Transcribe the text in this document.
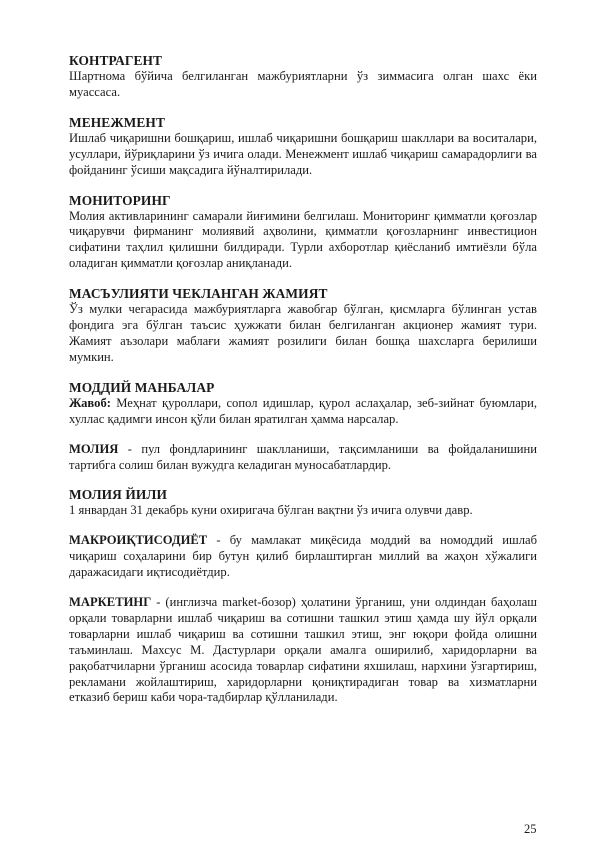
КОНТРАГЕНТ

Шартнома бўйича белгиланган мажбуриятларни ўз зиммасига олган шахс ёки муассаса.

МЕНЕЖМЕНТ

Ишлаб чиқаришни бошқариш, ишлаб чиқаришни бошқариш шакллари ва воситалари, усуллари, йўриқларини ўз ичига олади. Менежмент ишлаб чиқариш самарадорлиги ва фойданинг ўсиши мақсадига йўналтирилади.

МОНИТОРИНГ

Молия активларининг самарали йиғимини белгилаш. Мониторинг қимматли қоғозлар чиқарувчи фирманинг молиявий аҳволини, қимматли қоғозларнинг инвестицион сифатини таҳлил қилишни билдиради. Турли ахборотлар қиёсланиб имтиёзли бўла оладиган қимматли қоғозлар аниқланади.

МАСЪУЛИЯТИ ЧЕКЛАНГАН ЖАМИЯТ

Ўз мулки чегарасида мажбуриятларга жавобгар бўлган, қисмларга бўлинган устав фондига эга бўлган таъсис ҳужжати билан белгиланган акционер жамият тури. Жамият аъзолари маблағи жамият розилиги билан бошқа шахсларга берилиши мумкин.

МОДДИЙ МАНБАЛАР

Жавоб: Меҳнат қуроллари, сопол идишлар, қурол аслаҳалар, зеб-зийнат буюмлари, хуллас қадимги инсон қўли билан яратилган ҳамма нарсалар.

МОЛИЯ - пул фондларининг шаклланиши, тақсимланиши ва фойдаланишини тартибга солиш билан вужудга келадиган муносабатлардир.

МОЛИЯ ЙИЛИ

1 январдан 31 декабрь куни охиригача бўлган вақтни ўз ичига олувчи давр.

МАКРОИҚТИСОДИЁТ - бу мамлакат миқёсида моддий ва номоддий ишлаб чиқариш соҳаларини бир бутун қилиб бирлаштирган миллий ва жаҳон хўжалиги даражасидаги иқтисодиётдир.

МАРКЕТИНГ - (инглизча market-бозор) ҳолатини ўрганиш, уни олдиндан баҳолаш орқали товарларни ишлаб чиқариш ва сотишни ташкил этиш ҳамда шу йўл орқали товарларни ишлаб чиқариш ва сотишни ташкил этиш, энг юқори фойда олишни таъминлаш. Махсус М. Дастурлари орқали амалга оширилиб, харидорларни ва рақобатчиларни ўрганиш асосида товарлар сифатини яхшилаш, нархини ўзгартириш, рекламани жойлаштириш, харидорларни қониқтирадиган товар ва хизматларни етказиб бериш каби чора-тадбирлар қўлланилади.

25
